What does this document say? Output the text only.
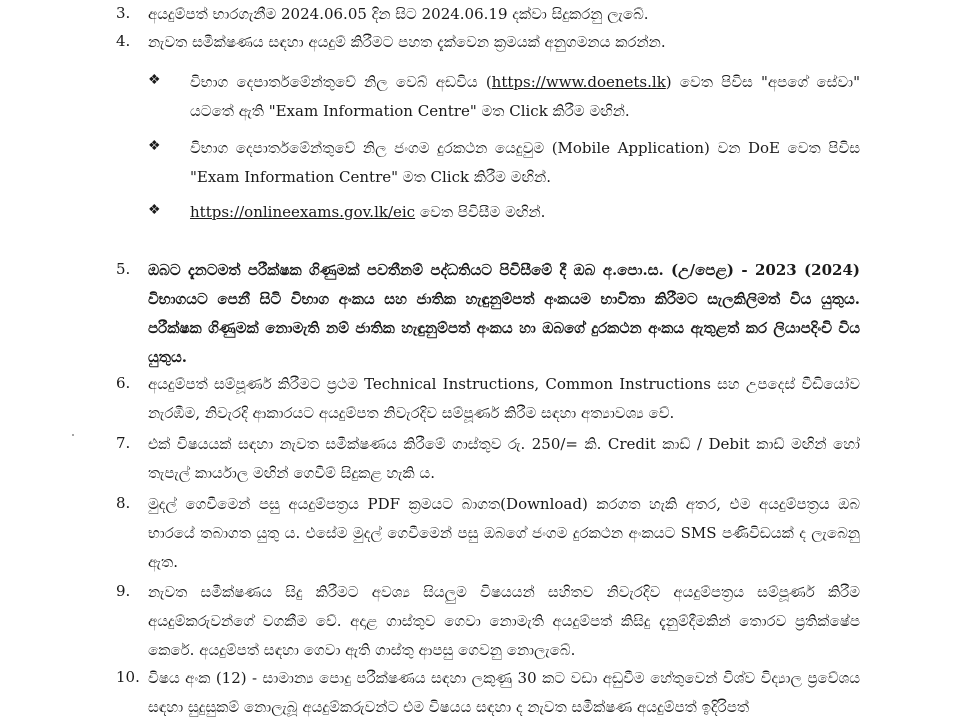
3.	අයදුම්පත් භාරගැනීම 2024.06.05 දින සිට 2024.06.19 දක්වා සිදුකරනු ලැබේ.
4.	නැවත සමීක්ෂණය සඳහා අයදුම් කිරීමට පහත දැක්වෙන ක්‍රමයක් අනුගමනය කරන්න.
❖ විභාග දෙපාර්තමේන්තුවේ නිල වෙබ් අඩවිය (https://www.doenets.lk) වෙත පිවිස "අපගේ සේවා" යටතේ ඇති "Exam Information Centre" මත Click කිරීම මඟින්.
❖ විභාග දෙපාර්තමේන්තුවේ නිල ජංගම දුරකථන යෙදුවුම (Mobile Application) වන DoE වෙත පිවිස "Exam Information Centre" මත Click කිරීම මඟින්.
❖ https://onlineexams.gov.lk/eic වෙත පිවිසීම මඟින්.
5.	ඔබට දැනටමත් පරීක්ෂක ගිණුමක් පවතීනම් පද්ධතියට පිවිසීමේ දී ඔබ අ.පො.ස. (උ/පෙළ) - 2023 (2024) විභාගයට පෙනී සිටි විභාග අංකය සහ ජාතික හැඳුනුම්පත් අංකයම භාවිතා කිරීමට සැලකිලිමත් විය යුතුය. පරීක්ෂක ගිණුමක් නොමැති නම් ජාතික හැඳුනුම්පත් අංකය හා ඔබගේ දුරකථන අංකය ඇතුළත් කර ලියාපදිංචි විය යුතුය.
6.	අයදුම්පත් සම්පූර්ණ කිරීමට ප්‍රථම Technical Instructions, Common Instructions සහ උපදෙස් වීඩියෝව නැරඹීම, නිවැරදි ආකාරයට අයදුම්පත නිවැරදිව සම්පූර්ණ කිරීම සඳහා අත්‍යාවශ්‍ය වේ.
7.	එක් විෂයයක් සඳහා නැවත සමීක්ෂණය කිරීමේ ගාස්තුව රු. 250/= කි. Credit කාඩ් / Debit කාඩ් මඟින් හෝ තැපැල් කාර්යාල මඟින් ගෙවීම් සිදුකළ හැකි ය.
8.	මුදල් ගෙවීමෙන් පසු අයදුම්පත්‍රය PDF ක්‍රමයට බාගත(Download) කරගත හැකි අතර, එම අයදුම්පත්‍රය ඔබ භාරයේ තබාගත යුතු ය. එසේම මුදල් ගෙවීමෙන් පසු ඔබගේ ජංගම දුරකථන අංකයට SMS පණිවිඩයක් ද ලැබෙනු ඇත.
9.	නැවත සමීක්ෂණය සිදු කිරීමට අවශ්‍ය සියලුම විෂයයන් සහිතව නිවැරදිව අයදුම්පත්‍රය සම්පූර්ණ කිරීම අයදුම්කරුවන්ගේ වගකීම වේ. අදාළ ගාස්තුව ගෙවා නොමැති අයදුම්පත් කිසිදු දැනුම්දීමකින් තොරව ප්‍රතික්ෂේප කෙරේ. අයදුම්පත් සඳහා ගෙවා ඇති ගාස්තු ආපසු ගෙවනු නොලැබේ.
10. විෂය අංක (12) - සාමාන්‍ය පොදු පරීක්ෂණය සඳහා ලකුණු 30 කට වඩා අඩුවීම හේතුවෙන් විශ්ව විද්‍යාල ප්‍රවේශය සඳහා සුදුසුකම් නොලැබූ අයදුම්කරුවන්ට එම විෂයය සඳහා ද නැවත සමීක්ෂණ අයදුම්පත් ඉදිරිපත්
